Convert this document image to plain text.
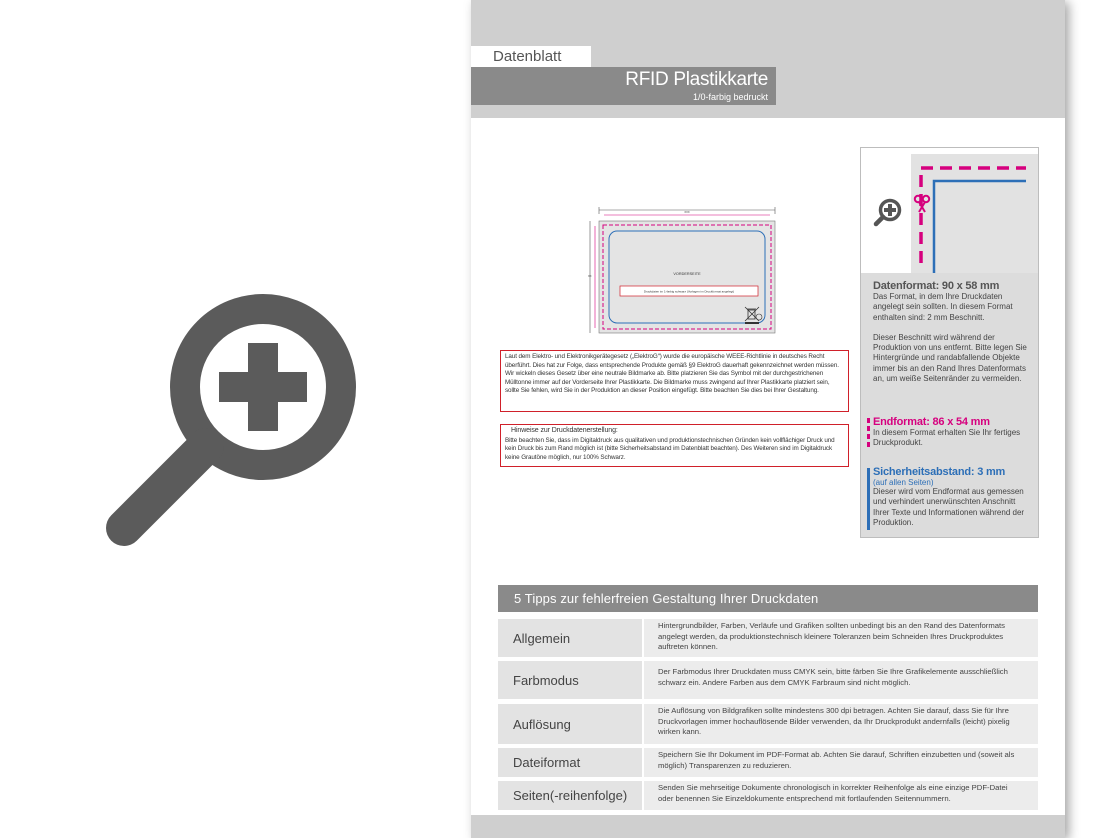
Datenblatt
RFID Plastikkarte
1/0-farbig bedruckt
xxx
xx	VORDERSEITE
Druckdaten im 1-farbig schwarz (Vorlagen im Druckformat angelegt)
Laut dem Elektro- und Elektronikgerätegesetz („ElektroG“) wurde die europäische WEEE-Richtlinie in deutsches Recht überführt. Dies hat zur Folge, dass entsprechende Produkte gemäß §9 ElektroG dauerhaft gekennzeichnet werden müssen. Wir wickeln dieses Gesetz über eine neutrale Bildmarke ab. Bitte platzieren Sie das Symbol mit der durchgestrichenen Mülltonne immer auf der Vorderseite Ihrer Plastikkarte. Die Bildmarke muss zwingend auf Ihrer Plastikkarte platziert sein, sollte Sie fehlen, wird Sie in der Produktion an dieser Position eingefügt. Bitte beachten Sie dies bei Ihrer Gestaltung.
Hinweise zur Druckdatenerstellung:
Bitte beachten Sie, dass im Digitaldruck aus qualitativen und produktionstechnischen Gründen kein vollflächiger Druck und kein Druck bis zum Rand möglich ist (bitte Sicherheitsabstand im Datenblatt beachten). Des Weiteren sind im Digitaldruck keine Grautöne möglich, nur 100% Schwarz.
Datenformat: 90 x 58 mm
Das Format, in dem Ihre Druckdaten angelegt sein sollten. In diesem Format enthalten sind: 2 mm Beschnitt.
Dieser Beschnitt wird während der Produktion von uns entfernt. Bitte legen Sie Hintergründe und randabfallende Objekte immer bis an den Rand Ihres Datenformats an, um weiße Seitenränder zu vermeiden.
Endformat: 86 x 54 mm
In diesem Format erhalten Sie Ihr fertiges Druckprodukt.
Sicherheitsabstand: 3 mm
(auf allen Seiten)
Dieser wird vom Endformat aus gemessen und verhindert unerwünschten Anschnitt Ihrer Texte und Informationen während der Produktion.
5 Tipps zur fehlerfreien Gestaltung Ihrer Druckdaten
Allgemein
Hintergrundbilder, Farben, Verläufe und Grafiken sollten unbedingt bis an den Rand des Datenformats angelegt werden, da produktionstechnisch kleinere Toleranzen beim Schneiden Ihres Druckproduktes auftreten können.
Farbmodus
Der Farbmodus Ihrer Druckdaten muss CMYK sein, bitte färben Sie Ihre Grafikelemente ausschließlich schwarz ein. Andere Farben aus dem CMYK Farbraum sind nicht möglich.
Auflösung
Die Auflösung von Bildgrafiken sollte mindestens 300 dpi betragen. Achten Sie darauf, dass Sie für Ihre Druckvorlagen immer hochauflösende Bilder verwenden, da Ihr Druckprodukt andernfalls (leicht) pixelig wirken kann.
Dateiformat
Speichern Sie Ihr Dokument im PDF-Format ab. Achten Sie darauf, Schriften einzubetten und (soweit als möglich) Transparenzen zu reduzieren.
Seiten(-reihenfolge)
Senden Sie mehrseitige Dokumente chronologisch in korrekter Reihenfolge als eine einzige PDF-Datei oder benennen Sie Einzeldokumente entsprechend mit fortlaufenden Seitennummern.
